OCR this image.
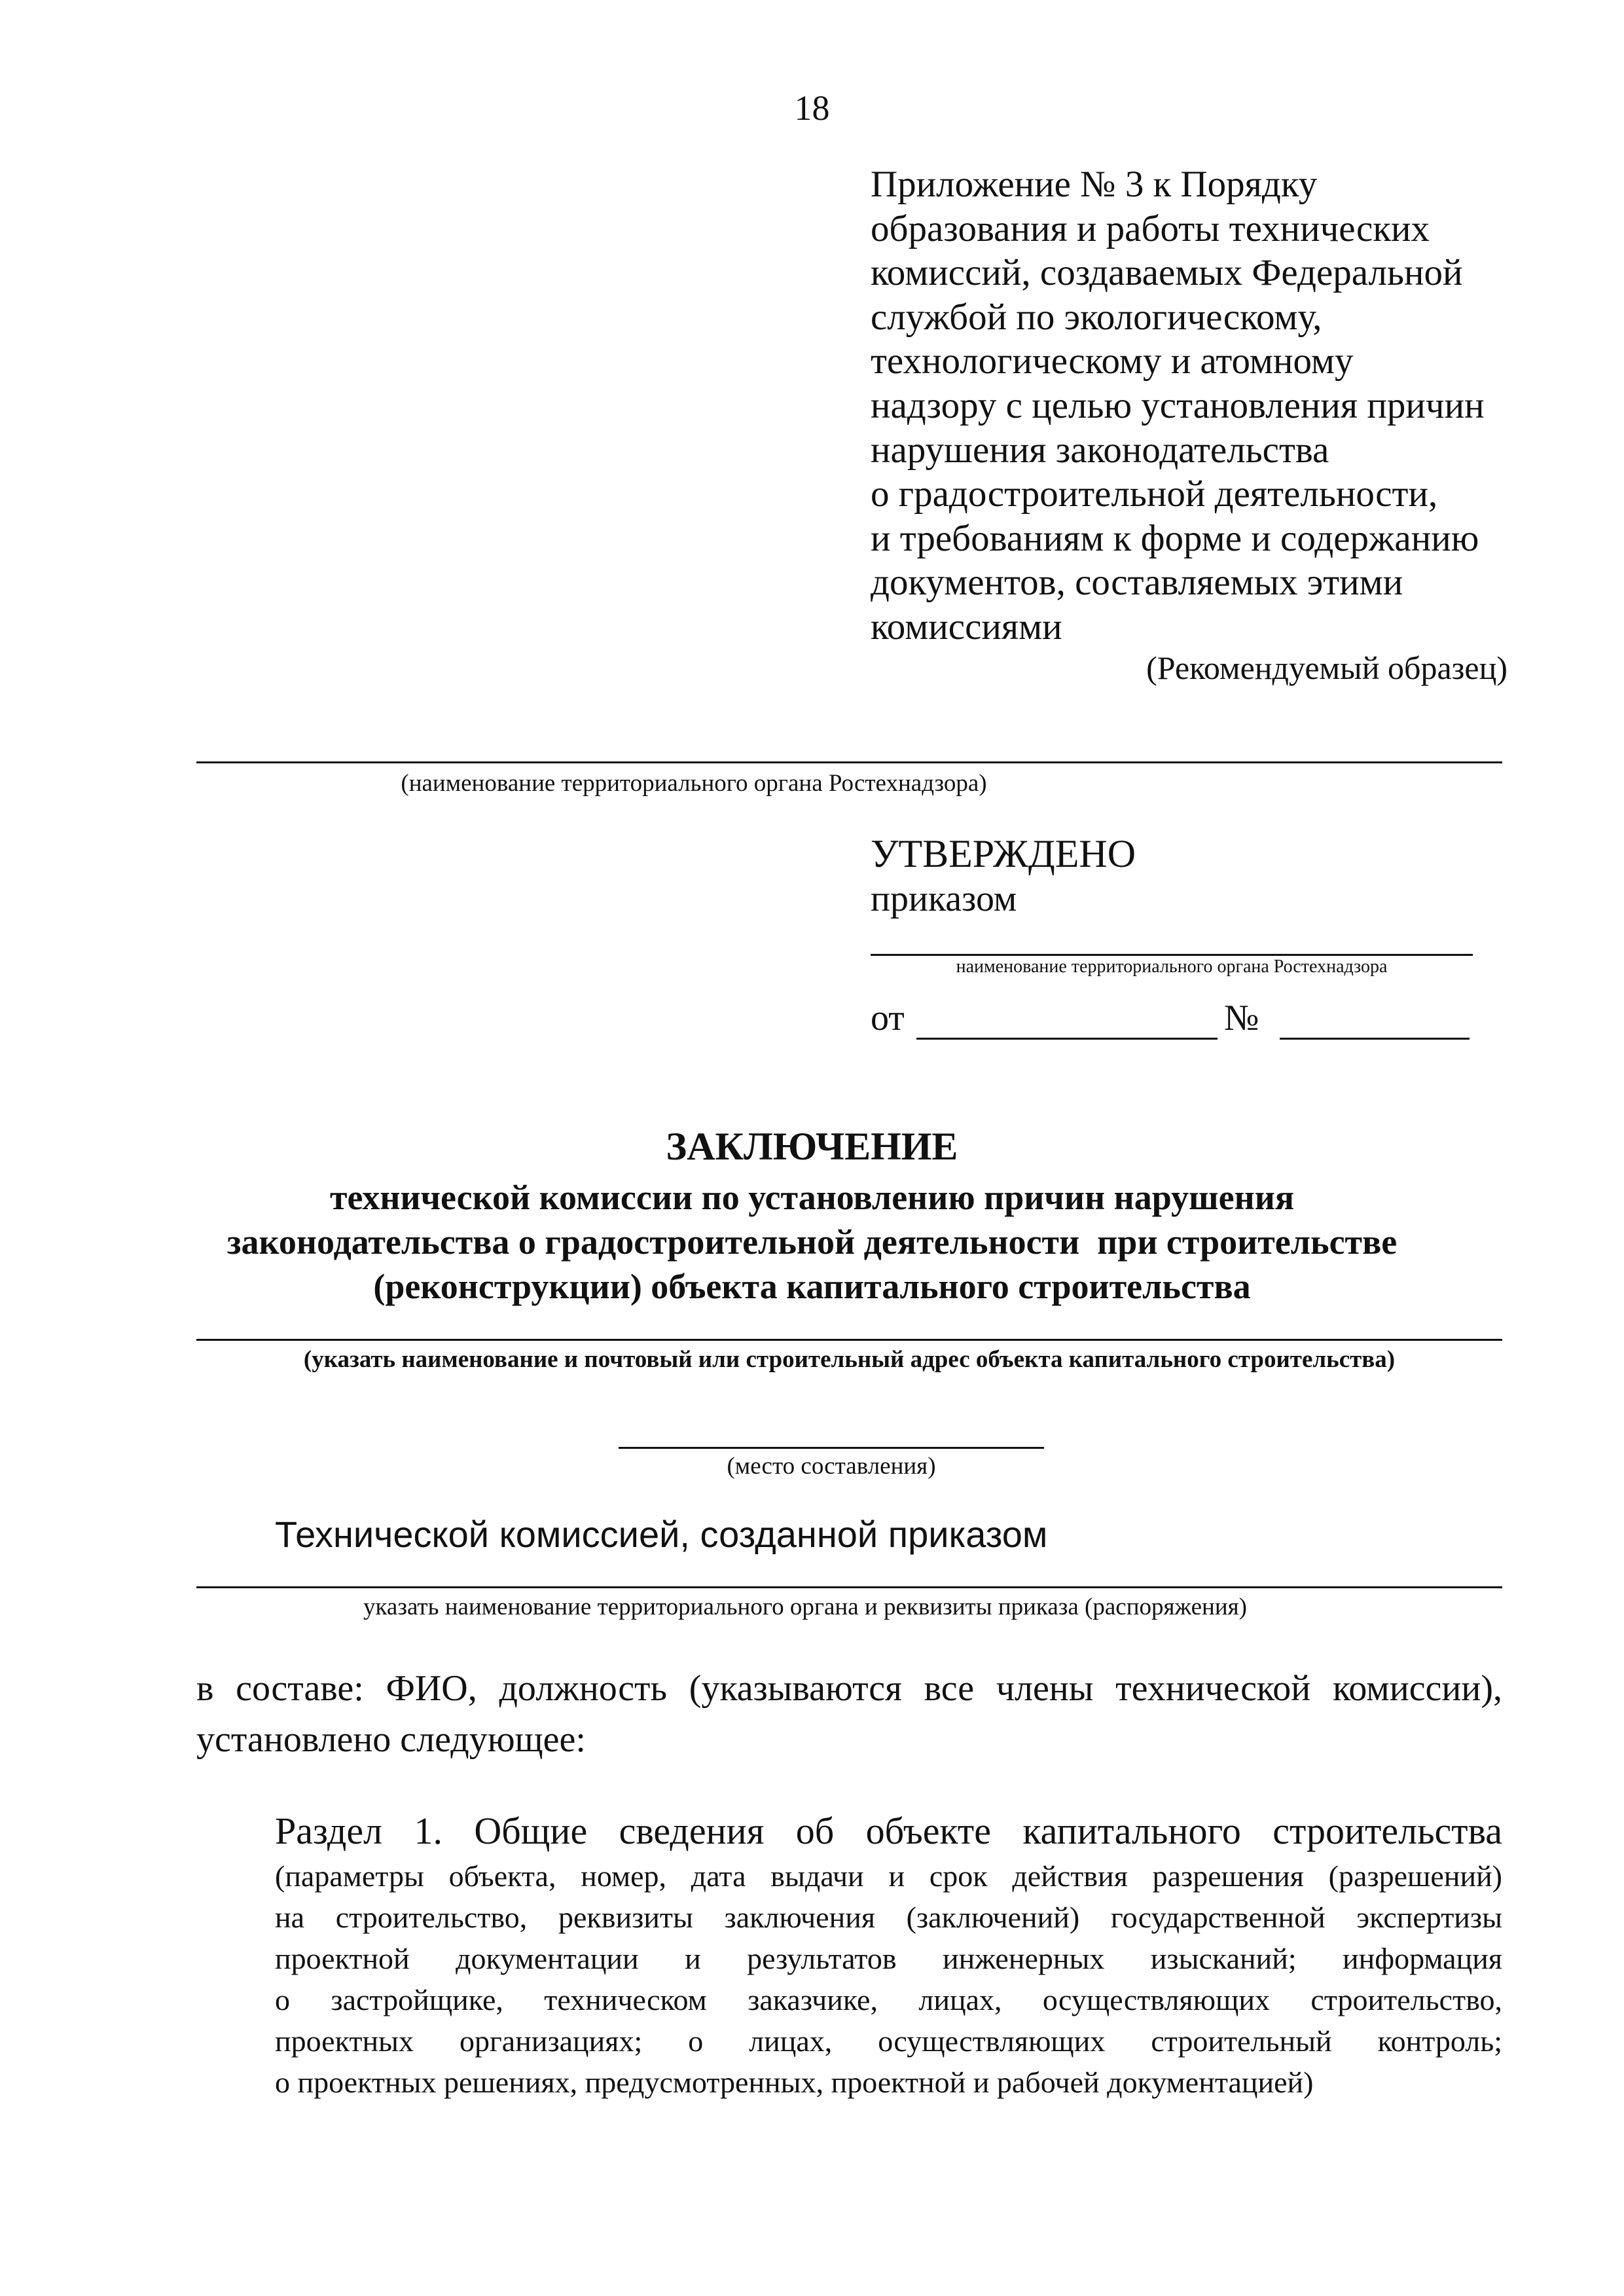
18
Приложение № 3 к Порядку
образования и работы технических
комиссий, создаваемых Федеральной
службой по экологическому,
технологическому и атомному
надзору с целью установления причин
нарушения законодательства
о градостроительной деятельности,
и требованиям к форме и содержанию
документов, составляемых этими
комиссиями
(Рекомендуемый образец)
(наименование территориального органа Ростехнадзора)
УТВЕРЖДЕНО
приказом
наименование территориального органа Ростехнадзора
от	№
ЗАКЛЮЧЕНИЕ
технической комиссии по установлению причин нарушения
законодательства о градостроительной деятельности  при строительстве
(реконструкции) объекта капитального строительства
(указать наименование и почтовый или строительный адрес объекта капитального строительства)
(место составления)
Технической комиссией, созданной приказом
указать наименование территориального органа и реквизиты приказа (распоряжения)
в составе: ФИО, должность (указываются все члены технической комиссии),
установлено следующее:
Раздел 1. Общие сведения об объекте капитального строительства
(параметры объекта, номер, дата выдачи и срок действия разрешения (разрешений)
на строительство, реквизиты заключения (заключений) государственной экспертизы
проектной документации и результатов инженерных изысканий; информация
о застройщике, техническом заказчике, лицах, осуществляющих строительство,
проектных организациях; о лицах, осуществляющих строительный контроль;
о проектных решениях, предусмотренных, проектной и рабочей документацией)
